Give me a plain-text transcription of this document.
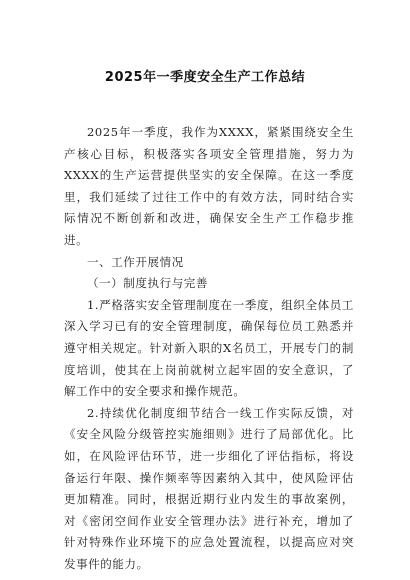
2025年一季度安全生产工作总结

2025年一季度，我作为XXXX，紧紧围绕安全生产核心目标，积极落实各项安全管理措施，努力为XXXX的生产运营提供坚实的安全保障。在这一季度里，我们延续了过往工作中的有效方法，同时结合实际情况不断创新和改进，确保安全生产工作稳步推进。

一、工作开展情况

（一）制度执行与完善

1.严格落实安全管理制度在一季度，组织全体员工深入学习已有的安全管理制度，确保每位员工熟悉并遵守相关规定。针对新入职的X名员工，开展专门的制度培训，使其在上岗前就树立起牢固的安全意识，了解工作中的安全要求和操作规范。

2.持续优化制度细节结合一线工作实际反馈，对《安全风险分级管控实施细则》进行了局部优化。比如，在风险评估环节，进一步细化了评估指标，将设备运行年限、操作频率等因素纳入其中，使风险评估更加精准。同时，根据近期行业内发生的事故案例，对《密闭空间作业安全管理办法》进行补充，增加了针对特殊作业环境下的应急处置流程，以提高应对突发事件的能力。
